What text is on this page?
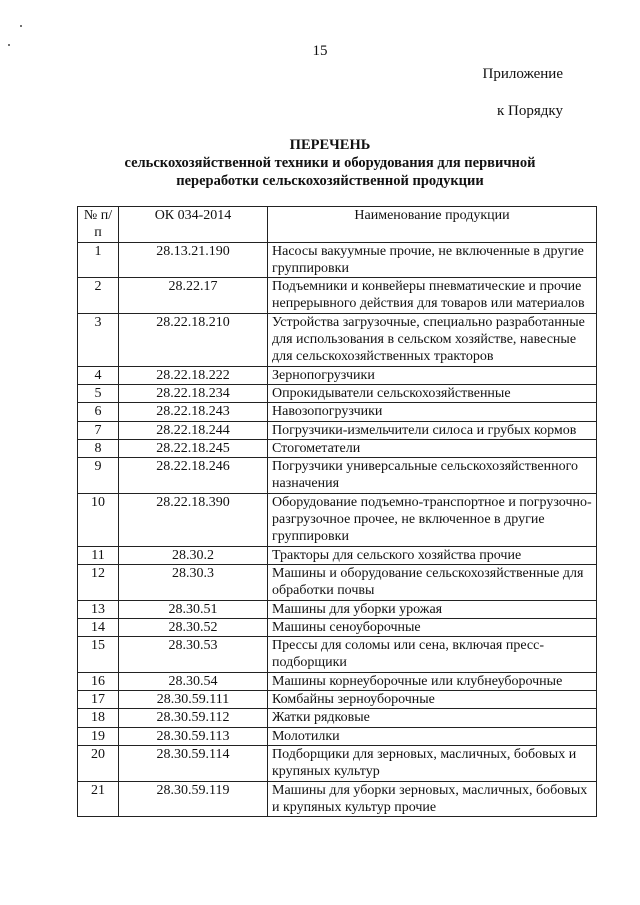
15
Приложение
к Порядку
ПЕРЕЧЕНЬ
сельскохозяйственной техники и оборудования для первичной
переработки сельскохозяйственной продукции
№ п/п	ОК 034-2014	Наименование продукции
1	28.13.21.190	Насосы вакуумные прочие, не включенные в другие группировки
2	28.22.17	Подъемники и конвейеры пневматические и прочие непрерывного действия для товаров или материалов
3	28.22.18.210	Устройства загрузочные, специально разработанные для использования в сельском хозяйстве, навесные для сельскохозяйственных тракторов
4	28.22.18.222	Зернопогрузчики
5	28.22.18.234	Опрокидыватели сельскохозяйственные
6	28.22.18.243	Навозопогрузчики
7	28.22.18.244	Погрузчики-измельчители силоса и грубых кормов
8	28.22.18.245	Стогометатели
9	28.22.18.246	Погрузчики универсальные сельскохозяйственного назначения
10	28.22.18.390	Оборудование подъемно-транспортное и погрузочно-разгрузочное прочее, не включенное в другие группировки
11	28.30.2	Тракторы для сельского хозяйства прочие
12	28.30.3	Машины и оборудование сельскохозяйственные для обработки почвы
13	28.30.51	Машины для уборки урожая
14	28.30.52	Машины сеноуборочные
15	28.30.53	Прессы для соломы или сена, включая пресс-подборщики
16	28.30.54	Машины корнеуборочные или клубнеуборочные
17	28.30.59.111	Комбайны зерноуборочные
18	28.30.59.112	Жатки рядковые
19	28.30.59.113	Молотилки
20	28.30.59.114	Подборщики для зерновых, масличных, бобовых и крупяных культур
21	28.30.59.119	Машины для уборки зерновых, масличных, бобовых и крупяных культур прочие
